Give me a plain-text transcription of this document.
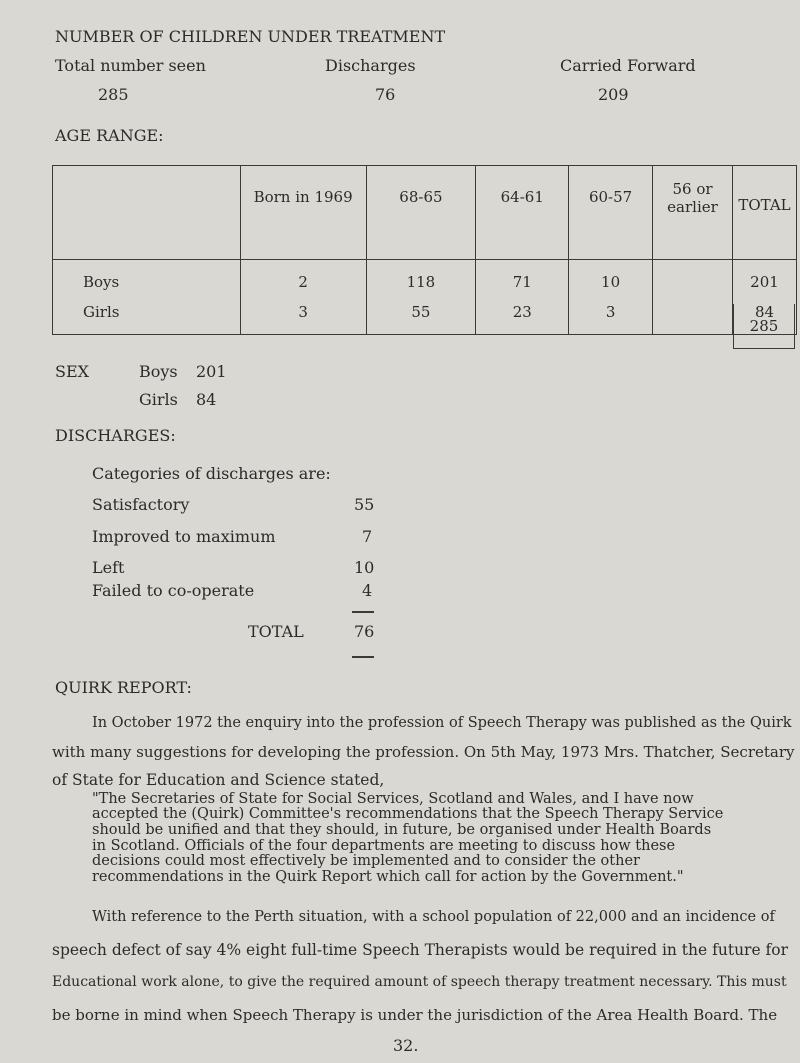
NUMBER OF CHILDREN UNDER TREATMENT
Total number seen	Discharges	Carried Forward
285	76	209
AGE RANGE:
	Born in 1969	68-65	64-61	60-57	56 or
earlier	TOTAL
Boys	2	118	71	10		201
Girls	3	55	23	3		84
285
SEX	Boys 201
Girls 84
DISCHARGES:
Categories of discharges are:
Satisfactory	55
Improved to maximum	7
Left	10
Failed to co-operate	4
TOTAL	76
QUIRK REPORT:
In October 1972 the enquiry into the profession of Speech Therapy was published as the Quirk
with many suggestions for developing the profession. On 5th May, 1973 Mrs. Thatcher, Secretary
of State for Education and Science stated,
"The Secretaries of State for Social Services, Scotland and Wales, and I have now
accepted the (Quirk) Committee's recommendations that the Speech Therapy Service
should be unified and that they should, in future, be organised under Health Boards
in Scotland. Officials of the four departments are meeting to discuss how these
decisions could most effectively be implemented and to consider the other
recommendations in the Quirk Report which call for action by the Government."
With reference to the Perth situation, with a school population of 22,000 and an incidence of
speech defect of say 4% eight full-time Speech Therapists would be required in the future for
Educational work alone, to give the required amount of speech therapy treatment necessary. This must
be borne in mind when Speech Therapy is under the jurisdiction of the Area Health Board. The
32.
